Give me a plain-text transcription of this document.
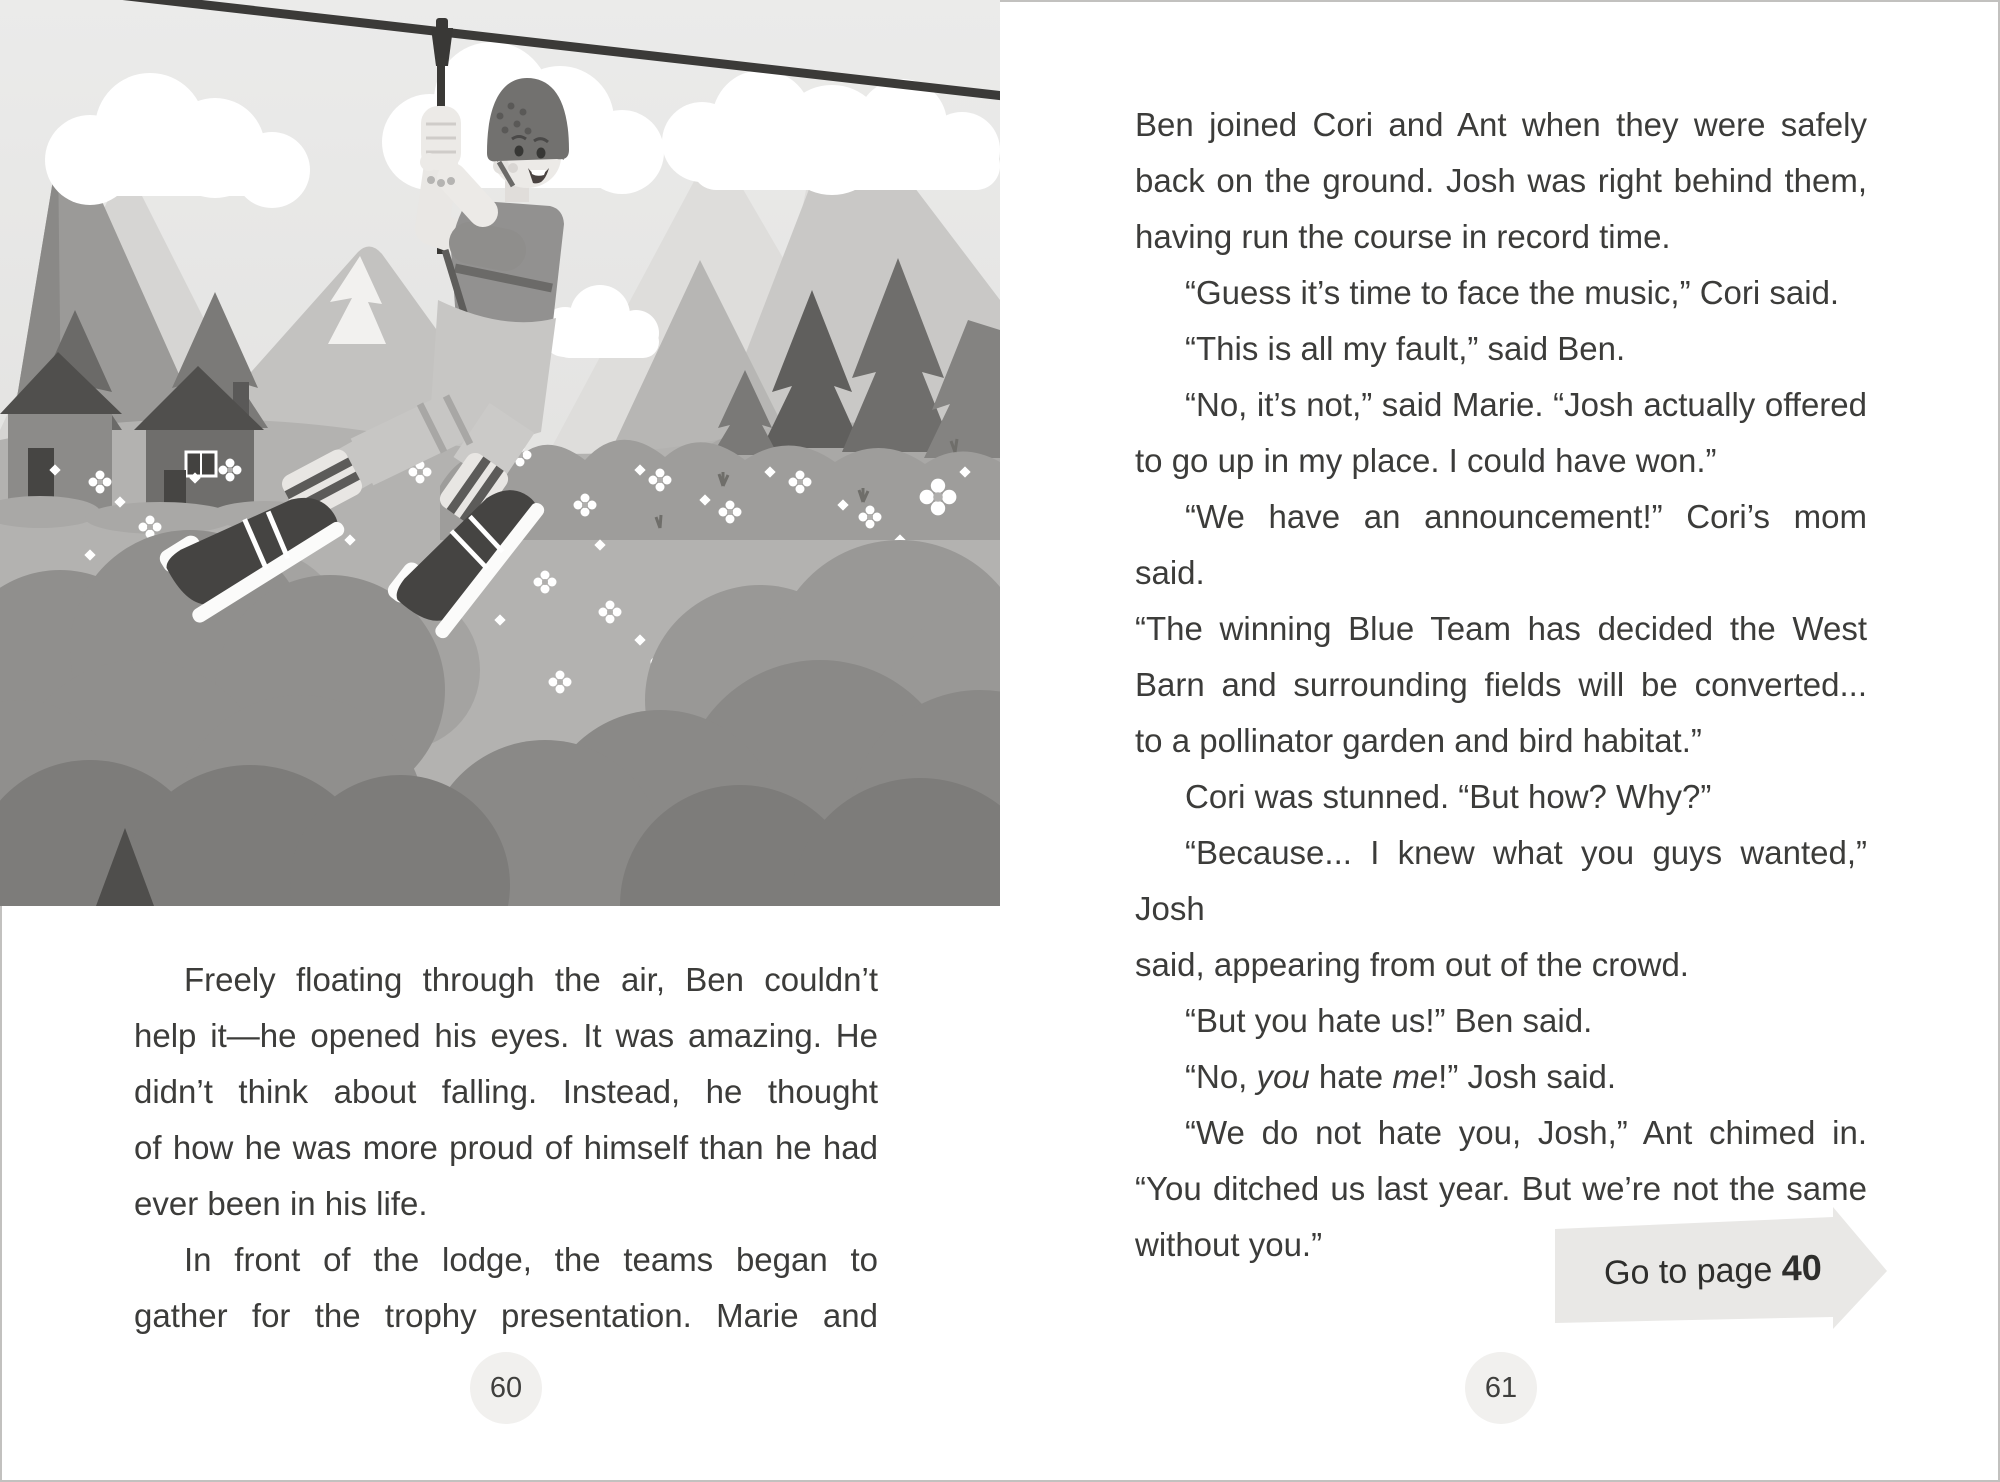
Freely floating through the air, Ben couldn’t
help it—he opened his eyes. It was amazing. He
didn’t think about falling. Instead, he thought
of how he was more proud of himself than he had
ever been in his life.
In front of the lodge, the teams began to
gather for the trophy presentation. Marie and
Ben joined Cori and Ant when they were safely
back on the ground. Josh was right behind them,
having run the course in record time.
“Guess it’s time to face the music,” Cori said.
“This is all my fault,” said Ben.
“No, it’s not,” said Marie. “Josh actually offered
to go up in my place. I could have won.”
“We have an announcement!” Cori’s mom said.
“The winning Blue Team has decided the West
Barn and surrounding fields will be converted...
to a pollinator garden and bird habitat.”
Cori was stunned. “But how? Why?”
“Because... I knew what you guys wanted,” Josh
said, appearing from out of the crowd.
“But you hate us!” Ben said.
“No, you hate me!” Josh said.
“We do not hate you, Josh,” Ant chimed in.
“You ditched us last year. But we’re not the same
without you.”
60	61
Go to page 40
